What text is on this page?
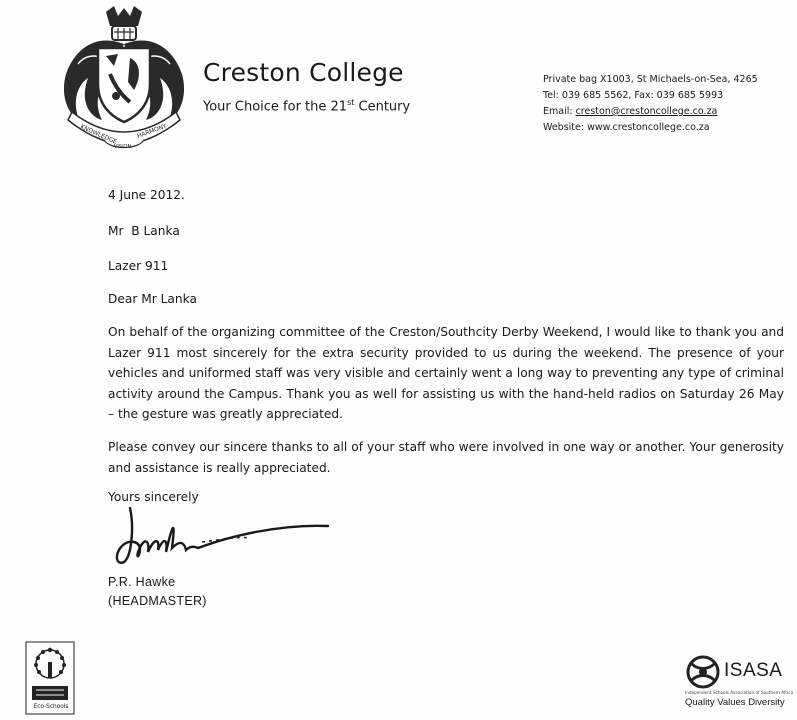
KNOWLEDGE	HARMONY
VISION
Creston College
Your Choice for the 21st Century
Private bag X1003, St Michaels-on-Sea, 4265
Tel: 039 685 5562, Fax: 039 685 5993
Email: creston@crestoncollege.co.za
Website: www.crestoncollege.co.za
4 June 2012.
Mr  B Lanka
Lazer 911
Dear Mr Lanka
On behalf of the organizing committee of the Creston/Southcity Derby Weekend, I would like to thank you and Lazer 911 most sincerely for the extra security provided to us during the weekend. The presence of your vehicles and uniformed staff was very visible and certainly went a long way to preventing any type of criminal activity around the Campus. Thank you as well for assisting us with the hand-held radios on Saturday 26 May – the gesture was greatly appreciated.
Please convey our sincere thanks to all of your staff who were involved in one way or another. Your generosity and assistance is really appreciated.
Yours sincerely
P.R. Hawke
(HEADMASTER)
Eco-Schools
ISASA
Independent Schools Association of Southern Africa
Quality Values Diversity
